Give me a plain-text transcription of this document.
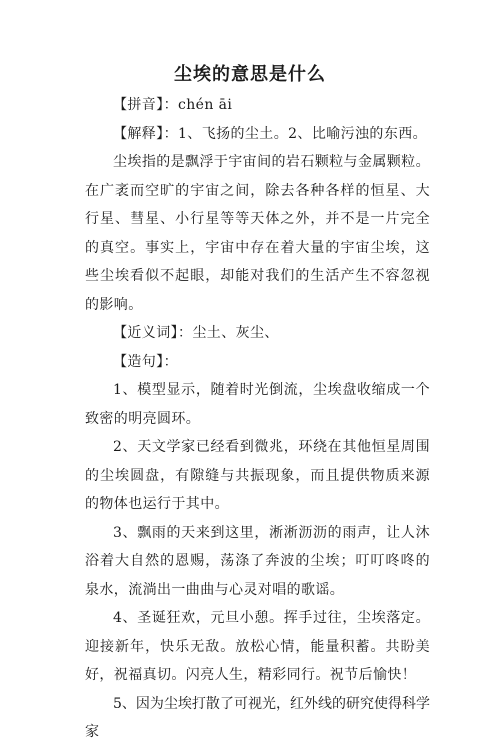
尘埃的意思是什么

【拼音】：chén āi

【解释】：1、飞扬的尘土。2、比喻污浊的东西。

尘埃指的是飘浮于宇宙间的岩石颗粒与金属颗粒。在广袤而空旷的宇宙之间，除去各种各样的恒星、大行星、彗星、小行星等等天体之外，并不是一片完全的真空。事实上，宇宙中存在着大量的宇宙尘埃，这些尘埃看似不起眼，却能对我们的生活产生不容忽视的影响。

【近义词】：尘土、灰尘、

【造句】：

1、模型显示，随着时光倒流，尘埃盘收缩成一个致密的明亮圆环。

2、天文学家已经看到微兆，环绕在其他恒星周围的尘埃圆盘，有隙缝与共振现象，而且提供物质来源的物体也运行于其中。

3、飘雨的天来到这里，淅淅沥沥的雨声，让人沐浴着大自然的恩赐，荡涤了奔波的尘埃；叮叮咚咚的泉水，流淌出一曲曲与心灵对唱的歌谣。

4、圣诞狂欢，元旦小憩。挥手过往，尘埃落定。迎接新年，快乐无敌。放松心情，能量积蓄。共盼美好，祝福真切。闪亮人生，精彩同行。祝节后愉快！

5、因为尘埃打散了可视光，红外线的研究使得科学家
